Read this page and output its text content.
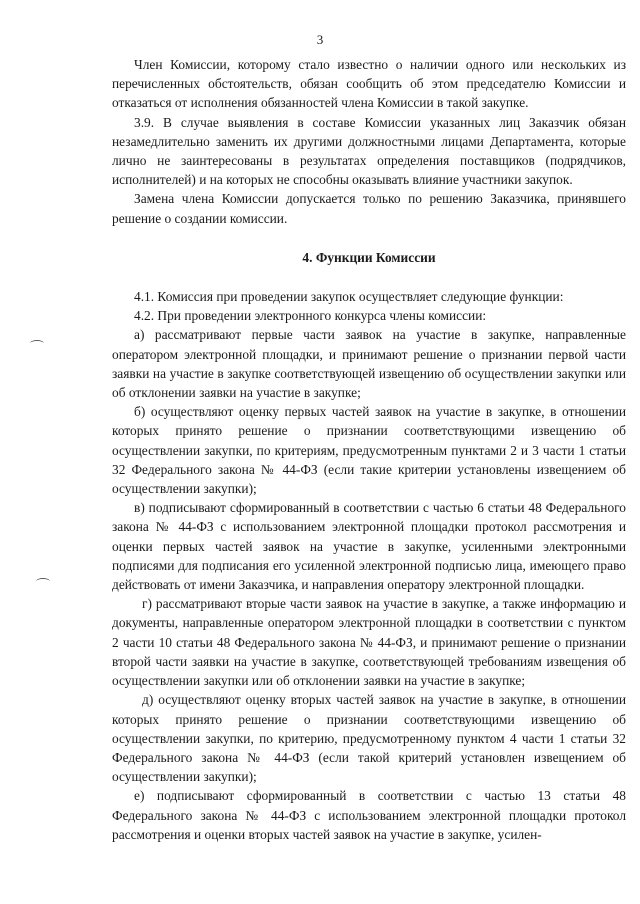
3

Член Комиссии, которому стало известно о наличии одного или нескольких из перечисленных обстоятельств, обязан сообщить об этом председателю Комиссии и отказаться от исполнения обязанностей члена Комиссии в такой закупке.

3.9. В случае выявления в составе Комиссии указанных лиц Заказчик обязан незамедлительно заменить их другими должностными лицами Департамента, которые лично не заинтересованы в результатах определения поставщиков (подрядчиков, исполнителей) и на которых не способны оказывать влияние участники закупок.

Замена члена Комиссии допускается только по решению Заказчика, принявшего решение о создании комиссии.

4. Функции Комиссии

4.1. Комиссия при проведении закупок осуществляет следующие функции:

4.2. При проведении электронного конкурса члены комиссии:

а) рассматривают первые части заявок на участие в закупке, направленные оператором электронной площадки, и принимают решение о признании первой части заявки на участие в закупке соответствующей извещению об осуществлении закупки или об отклонении заявки на участие в закупке;

б) осуществляют оценку первых частей заявок на участие в закупке, в отношении которых принято решение о признании соответствующими извещению об осуществлении закупки, по критериям, предусмотренным пунктами 2 и 3 части 1 статьи 32 Федерального закона № 44-ФЗ (если такие критерии установлены извещением об осуществлении закупки);

в) подписывают сформированный в соответствии с частью 6 статьи 48 Федерального закона № 44-ФЗ с использованием электронной площадки протокол рассмотрения и оценки первых частей заявок на участие в закупке, усиленными электронными подписями для подписания его усиленной электронной подписью лица, имеющего право действовать от имени Заказчика, и направления оператору электронной площадки.

г) рассматривают вторые части заявок на участие в закупке, а также информацию и документы, направленные оператором электронной площадки в соответствии с пунктом 2 части 10 статьи 48 Федерального закона № 44-ФЗ, и принимают решение о признании второй части заявки на участие в закупке, соответствующей требованиям извещения об осуществлении закупки или об отклонении заявки на участие в закупке;

д) осуществляют оценку вторых частей заявок на участие в закупке, в отношении которых принято решение о признании соответствующими извещению об осуществлении закупки, по критерию, предусмотренному пунктом 4 части 1 статьи 32 Федерального закона № 44-ФЗ (если такой критерий установлен извещением об осуществлении закупки);

е) подписывают сформированный в соответствии с частью 13 статьи 48 Федерального закона № 44-ФЗ с использованием электронной площадки протокол рассмотрения и оценки вторых частей заявок на участие в закупке, усилен-
